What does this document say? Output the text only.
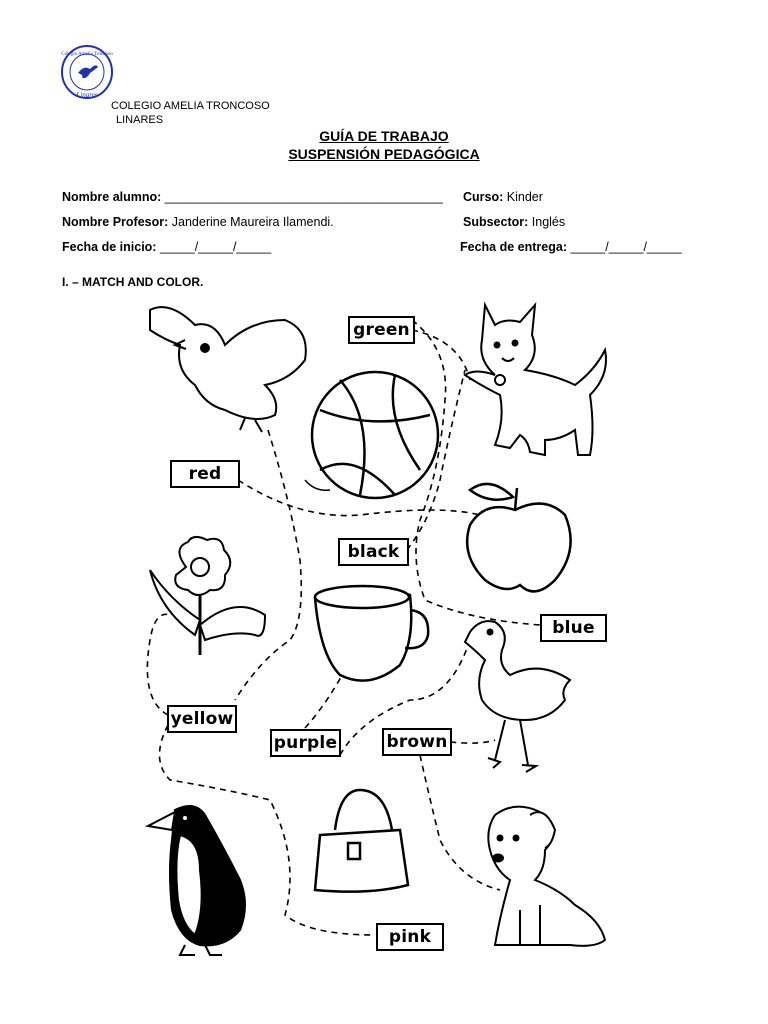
Colegio Amelia Troncoso
Linares
COLEGIO AMELIA TRONCOSO
LINARES
GUÍA DE TRABAJO
SUSPENSIÓN PEDAGÓGICA
Nombre alumno: ________________________________________ Curso: Kinder
Nombre Profesor: Janderine Maureira Ilamendi.	Subsector: Inglés
Fecha de inicio: _____/_____/_____	Fecha de entrega: _____/_____/_____
I. – MATCH AND COLOR.
green
red
black
blue
yellow
purple	brown
pink
